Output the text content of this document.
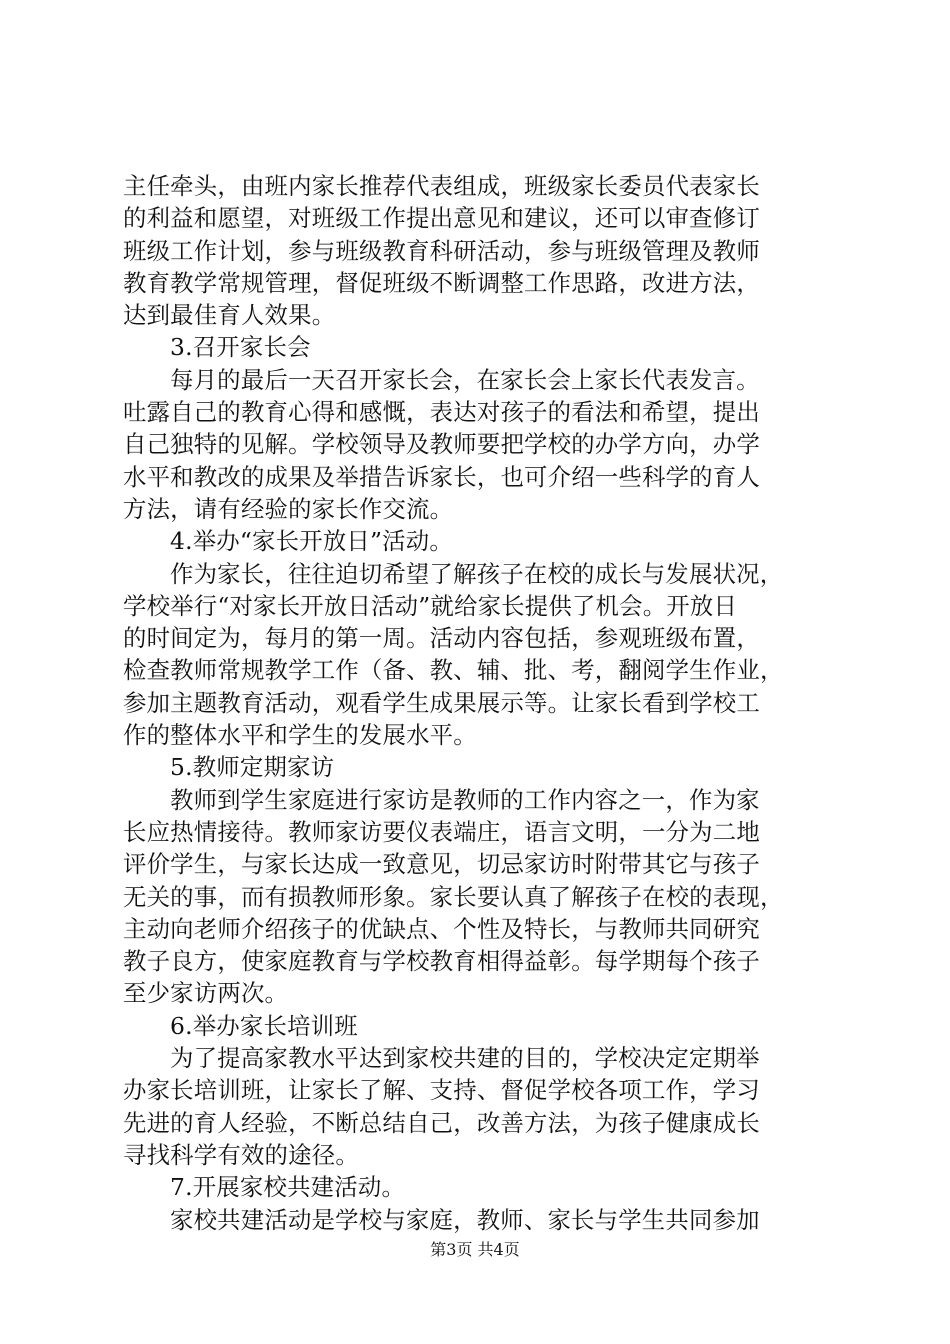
主任牵头，由班内家长推荐代表组成，班级家长委员代表家长
的利益和愿望，对班级工作提出意见和建议，还可以审查修订
班级工作计划，参与班级教育科研活动，参与班级管理及教师
教育教学常规管理，督促班级不断调整工作思路，改进方法，
达到最佳育人效果。
3.召开家长会
每月的最后一天召开家长会，在家长会上家长代表发言。
吐露自己的教育心得和感慨，表达对孩子的看法和希望，提出
自己独特的见解。学校领导及教师要把学校的办学方向，办学
水平和教改的成果及举措告诉家长，也可介绍一些科学的育人
方法，请有经验的家长作交流。
4.举办“家长开放日”活动。
作为家长，往往迫切希望了解孩子在校的成长与发展状况，
学校举行“对家长开放日活动”就给家长提供了机会。开放日
的时间定为，每月的第一周。活动内容包括，参观班级布置，
检查教师常规教学工作（备、教、辅、批、考，翻阅学生作业，
参加主题教育活动，观看学生成果展示等。让家长看到学校工
作的整体水平和学生的发展水平。
5.教师定期家访
教师到学生家庭进行家访是教师的工作内容之一，作为家
长应热情接待。教师家访要仪表端庄，语言文明，一分为二地
评价学生，与家长达成一致意见，切忌家访时附带其它与孩子
无关的事，而有损教师形象。家长要认真了解孩子在校的表现，
主动向老师介绍孩子的优缺点、个性及特长，与教师共同研究
教子良方，使家庭教育与学校教育相得益彰。每学期每个孩子
至少家访两次。
6.举办家长培训班
为了提高家教水平达到家校共建的目的，学校决定定期举
办家长培训班，让家长了解、支持、督促学校各项工作，学习
先进的育人经验，不断总结自己，改善方法，为孩子健康成长
寻找科学有效的途径。
7.开展家校共建活动。
家校共建活动是学校与家庭，教师、家长与学生共同参加
第3页 共4页
